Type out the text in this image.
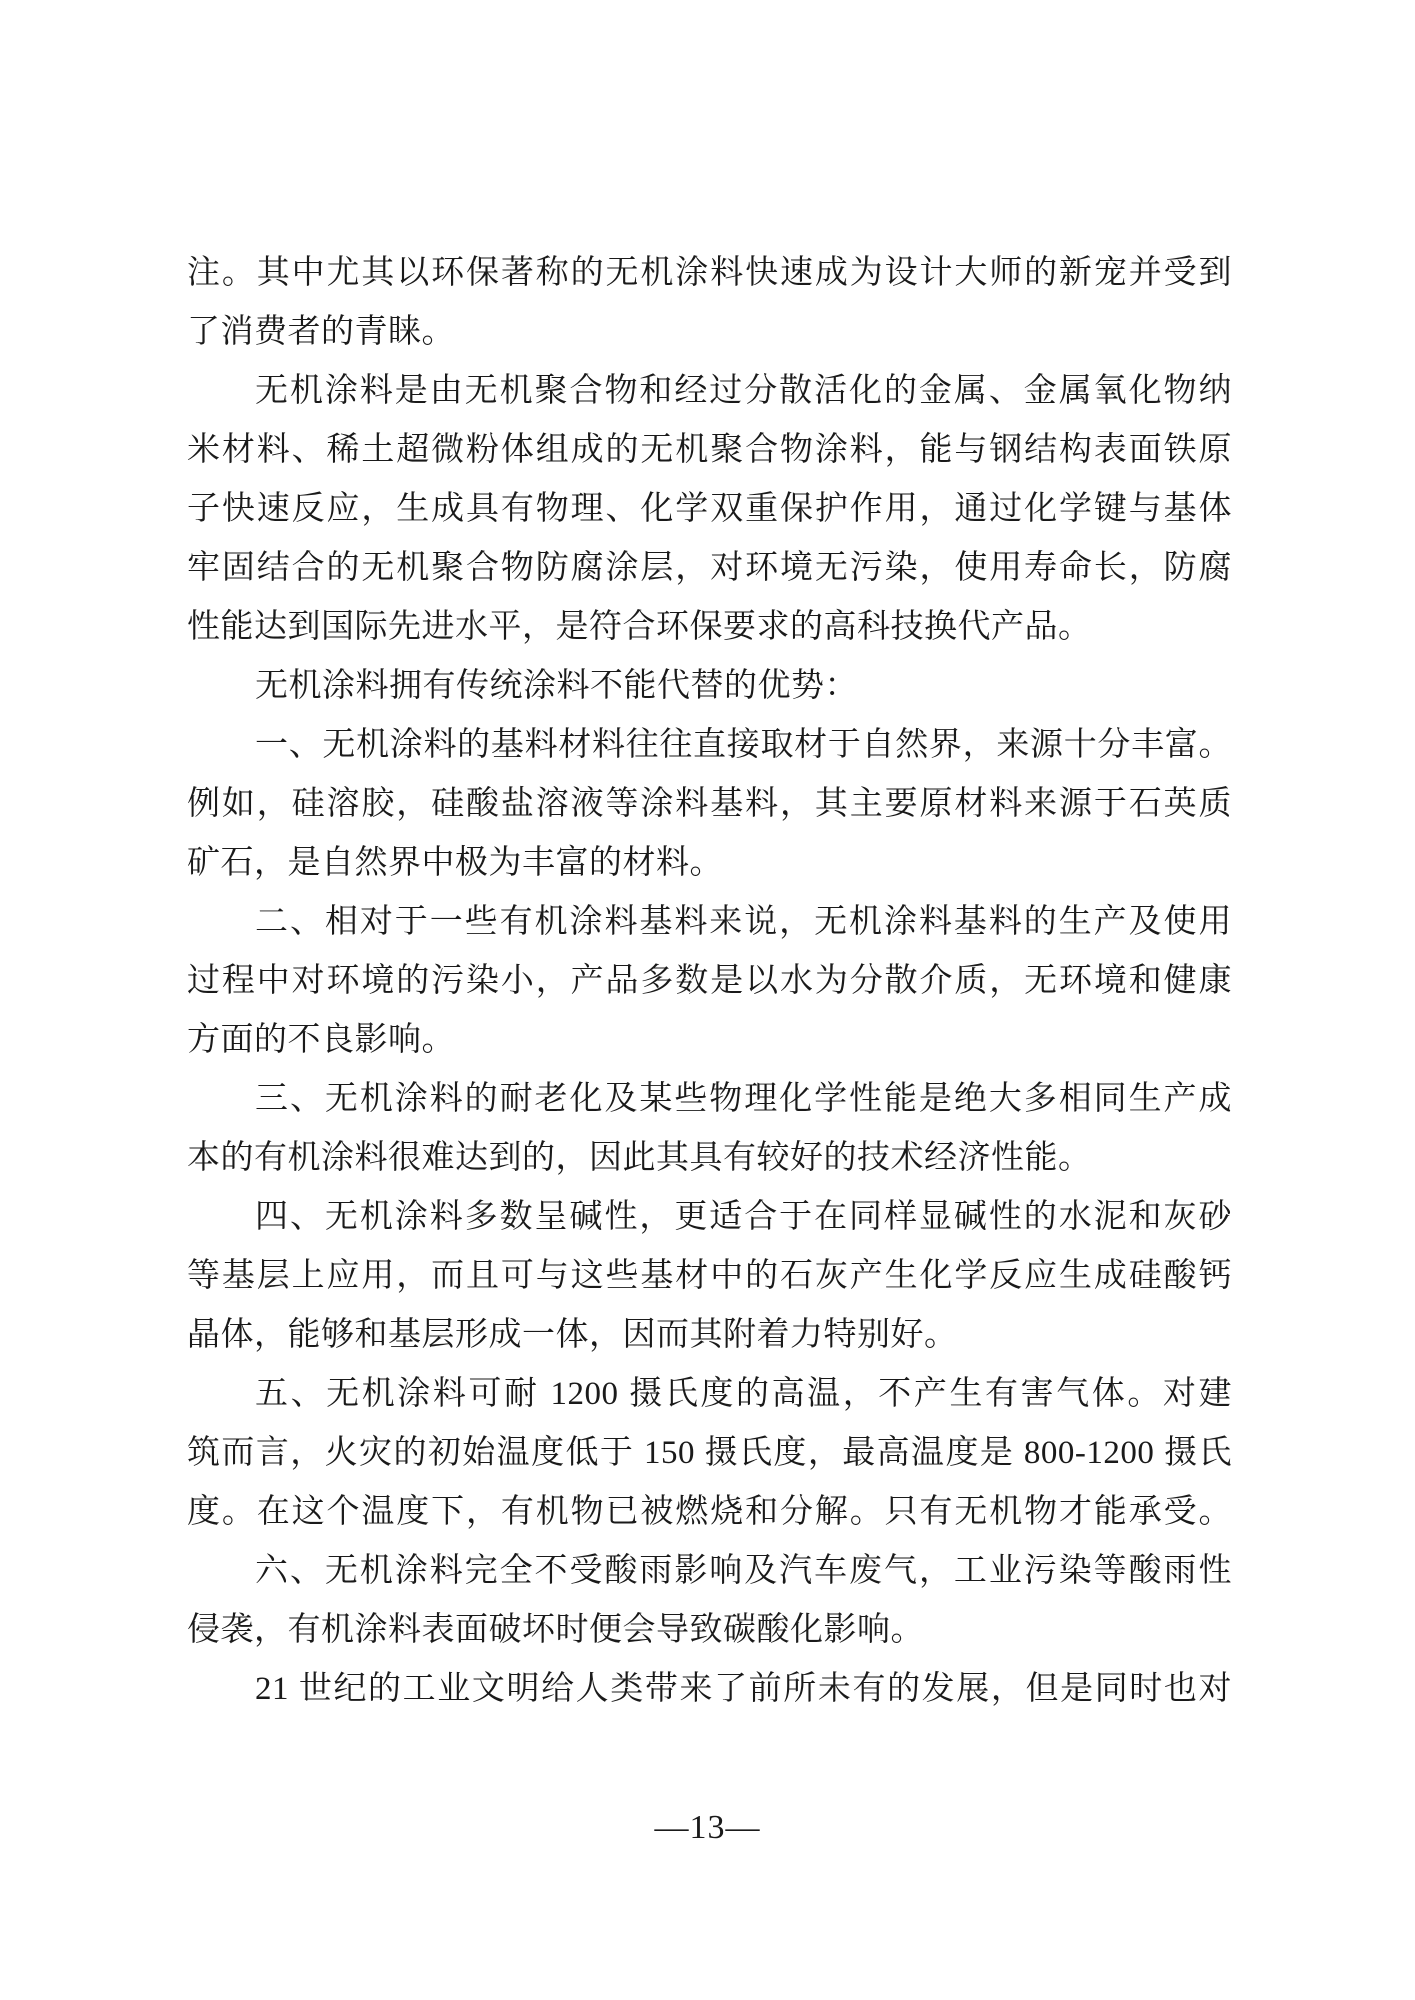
注。其中尤其以环保著称的无机涂料快速成为设计大师的新宠并受到
了消费者的青睐。
无机涂料是由无机聚合物和经过分散活化的金属、金属氧化物纳
米材料、稀土超微粉体组成的无机聚合物涂料，能与钢结构表面铁原
子快速反应，生成具有物理、化学双重保护作用，通过化学键与基体
牢固结合的无机聚合物防腐涂层，对环境无污染，使用寿命长，防腐
性能达到国际先进水平，是符合环保要求的高科技换代产品。
无机涂料拥有传统涂料不能代替的优势：
一、无机涂料的基料材料往往直接取材于自然界，来源十分丰富。
例如，硅溶胶，硅酸盐溶液等涂料基料，其主要原材料来源于石英质
矿石，是自然界中极为丰富的材料。
二、相对于一些有机涂料基料来说，无机涂料基料的生产及使用
过程中对环境的污染小，产品多数是以水为分散介质，无环境和健康
方面的不良影响。
三、无机涂料的耐老化及某些物理化学性能是绝大多相同生产成
本的有机涂料很难达到的，因此其具有较好的技术经济性能。
四、无机涂料多数呈碱性，更适合于在同样显碱性的水泥和灰砂
等基层上应用，而且可与这些基材中的石灰产生化学反应生成硅酸钙
晶体，能够和基层形成一体，因而其附着力特别好。
五、无机涂料可耐 1200 摄氏度的高温，不产生有害气体。对建
筑而言，火灾的初始温度低于 150 摄氏度，最高温度是 800-1200 摄氏
度。在这个温度下，有机物已被燃烧和分解。只有无机物才能承受。
六、无机涂料完全不受酸雨影响及汽车废气，工业污染等酸雨性
侵袭，有机涂料表面破坏时便会导致碳酸化影响。
21 世纪的工业文明给人类带来了前所未有的发展，但是同时也对
—13—
